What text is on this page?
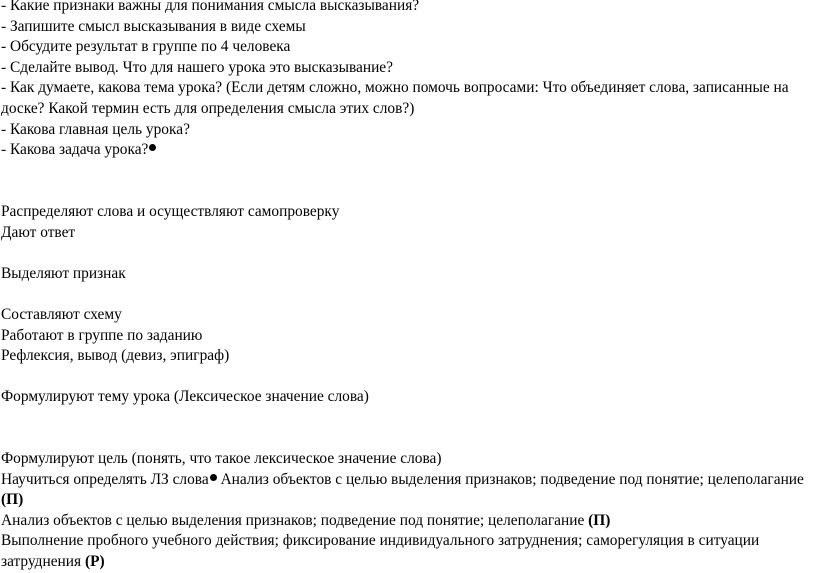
- Какие признаки важны для понимания смысла высказывания?
- Запишите смысл высказывания в виде схемы
- Обсудите результат в группе по 4 человека
- Сделайте вывод. Что для нашего урока это высказывание?
- Как думаете, какова тема урока? (Если детям сложно, можно помочь вопросами: Что объединяет слова, записанные на доске? Какой термин есть для определения смысла этих слов?)
- Какова главная цель урока?
- Какова задача урока?
Распределяют слова и осуществляют самопроверку
Дают ответ
Выделяют признак
Составляют схему
Работают в группе по заданию
Рефлексия, вывод (девиз, эпиграф)
Формулируют тему урока (Лексическое значение слова)
Формулируют цель (понять, что такое лексическое значение слова)
Научиться определять ЛЗ слова Анализ объектов с целью выделения признаков; подведение под понятие; целеполагание (П)
Анализ объектов с целью выделения признаков; подведение под понятие; целеполагание (П)
Выполнение пробного учебного действия; фиксирование индивидуального затруднения; саморегуляция в ситуации затруднения (Р)
